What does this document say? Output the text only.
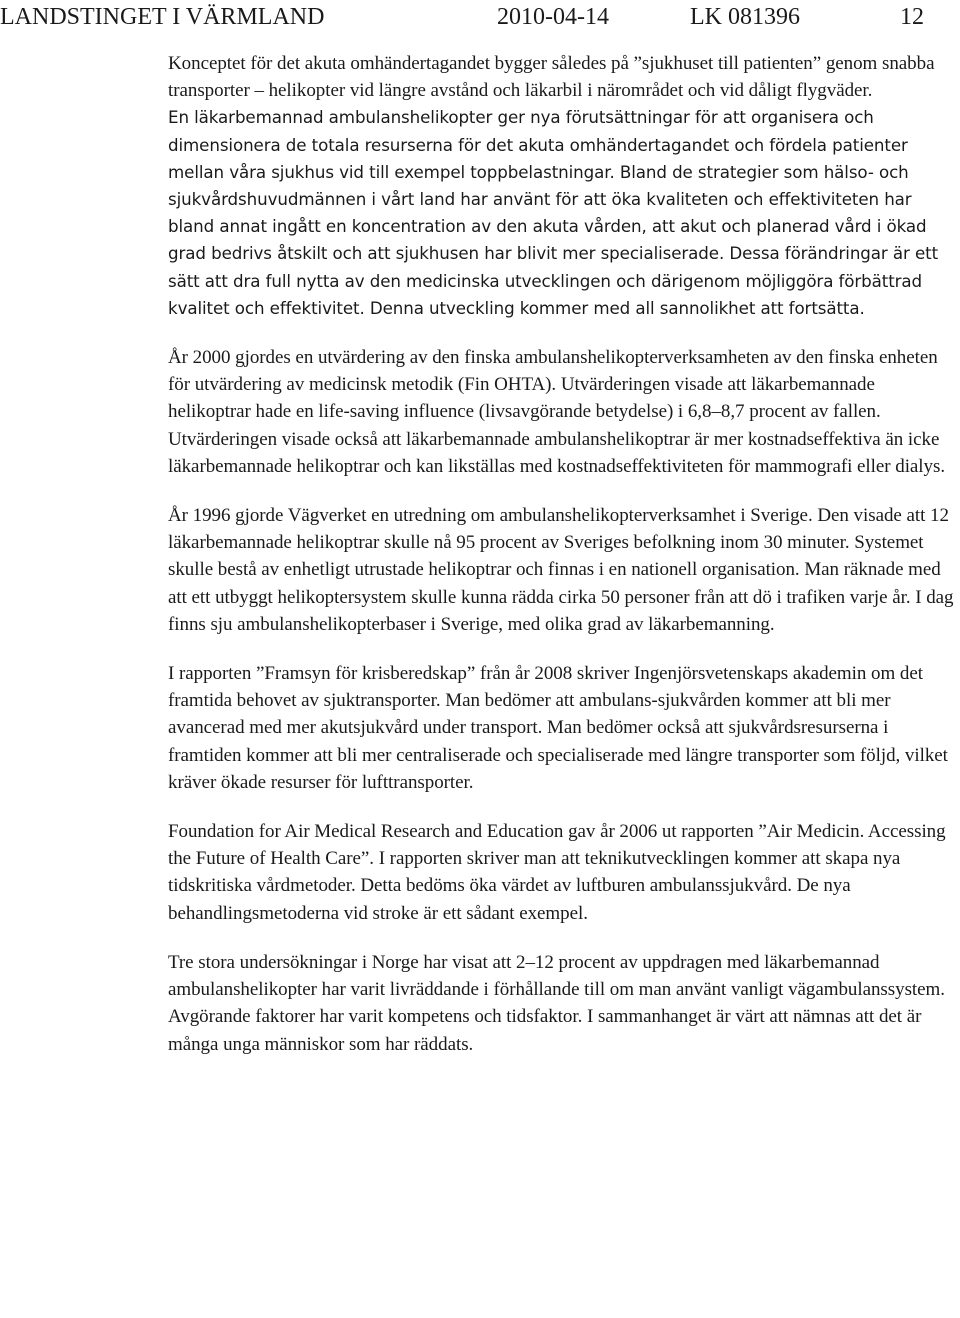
LANDSTINGET I VÄRMLAND	2010-04-14	LK 081396	12

Konceptet för det akuta omhändertagandet bygger således på ”sjukhuset till patienten” genom snabba transporter – helikopter vid längre avstånd och läkarbil i närområdet och vid dåligt flygväder.

En läkarbemannad ambulanshelikopter ger nya förutsättningar för att organisera och dimensionera de totala resurserna för det akuta omhändertagandet och fördela patienter mellan våra sjukhus vid till exempel toppbelastningar. Bland de strategier som hälso- och sjukvårdshuvudmännen i vårt land har använt för att öka kvaliteten och effektiviteten har bland annat ingått en koncentration av den akuta vården, att akut och planerad vård i ökad grad bedrivs åtskilt och att sjukhusen har blivit mer specialiserade. Dessa förändringar är ett sätt att dra full nytta av den medicinska utvecklingen och därigenom möjliggöra förbättrad kvalitet och effektivitet. Denna utveckling kommer med all sannolikhet att fortsätta.

År 2000 gjordes en utvärdering av den finska ambulanshelikopterverksamheten av den finska enheten för utvärdering av medicinsk metodik (Fin OHTA). Utvärderingen visade att läkarbemannade helikoptrar hade en life-saving influence (livsavgörande betydelse) i 6,8–8,7 procent av fallen. Utvärderingen visade också att läkarbemannade ambulanshelikoptrar är mer kostnadseffektiva än icke läkarbemannade helikoptrar och kan likställas med kostnadseffektiviteten för mammografi eller dialys.

År 1996 gjorde Vägverket en utredning om ambulanshelikopterverksamhet i Sverige. Den visade att 12 läkarbemannade helikoptrar skulle nå 95 procent av Sveriges befolkning inom 30 minuter. Systemet skulle bestå av enhetligt utrustade helikoptrar och finnas i en nationell organisation. Man räknade med att ett utbyggt helikoptersystem skulle kunna rädda cirka 50 personer från att dö i trafiken varje år. I dag finns sju ambulanshelikopterbaser i Sverige, med olika grad av läkarbemanning.

I rapporten ”Framsyn för krisberedskap” från år 2008 skriver Ingenjörsvetenskaps akademin om det framtida behovet av sjuktransporter. Man bedömer att ambulans-sjukvården kommer att bli mer avancerad med mer akutsjukvård under transport. Man bedömer också att sjukvårdsresurserna i framtiden kommer att bli mer centraliserade och specialiserade med längre transporter som följd, vilket kräver ökade resurser för lufttransporter.

Foundation for Air Medical Research and Education gav år 2006 ut rapporten ”Air Medicin. Accessing the Future of Health Care”. I rapporten skriver man att teknikutvecklingen kommer att skapa nya tidskritiska vårdmetoder. Detta bedöms öka värdet av luftburen ambulanssjukvård. De nya behandlingsmetoderna vid stroke är ett sådant exempel.

Tre stora undersökningar i Norge har visat att 2–12 procent av uppdragen med läkarbemannad ambulanshelikopter har varit livräddande i förhållande till om man använt vanligt vägambulanssystem. Avgörande faktorer har varit kompetens och tidsfaktor. I sammanhanget är värt att nämnas att det är många unga människor som har räddats.
